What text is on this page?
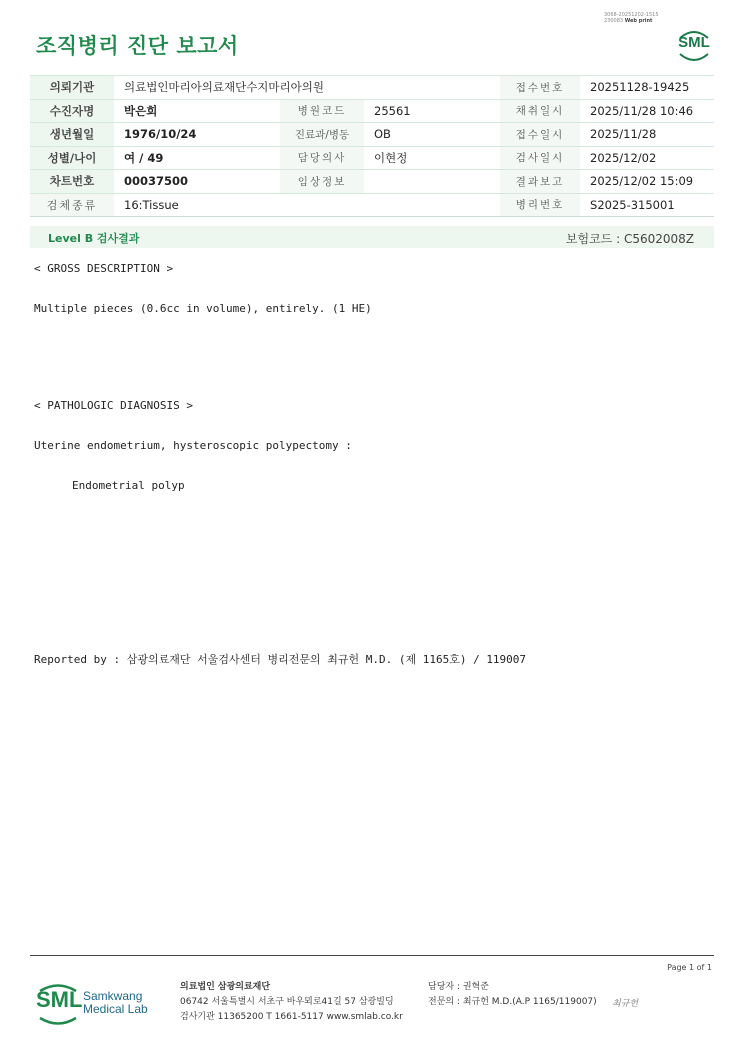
조직병리 진단 보고서
3068-20251202-1515
230083 Web print
SML
의뢰기관	의료법인마리아의료재단수지마리아의원			접수번호	20251128-19425
수진자명	박은희	병원코드	25561	채취일시	2025/11/28 10:46
생년월일	1976/10/24	진료과/병동	OB	접수일시	2025/11/28
성별/나이	여 / 49	담당의사	이현정	검사일시	2025/12/02
차트번호	00037500	임상정보		결과보고	2025/12/02 15:09
검체종류	16:Tissue			병리번호	S2025-315001
Level B 검사결과	보험코드 : C5602008Z
< GROSS DESCRIPTION >
Multiple pieces (0.6cc in volume), entirely. (1 HE)
< PATHOLOGIC DIAGNOSIS >
Uterine endometrium, hysteroscopic polypectomy :
Endometrial polyp
Reported by : 삼광의료재단 서울검사센터 병리전문의 최규헌 M.D. (제 1165호) / 119007
Page 1 of 1
SML Samkwang
Medical Lab
의료법인 삼광의료재단
06742 서울특별시 서초구 바우뫼로41길 57 삼광빌딩
검사기관 11365200 T 1661-5117 www.smlab.co.kr
담당자 : 권혁준
전문의 : 최규헌 M.D.(A.P 1165/119007) 최규헌
